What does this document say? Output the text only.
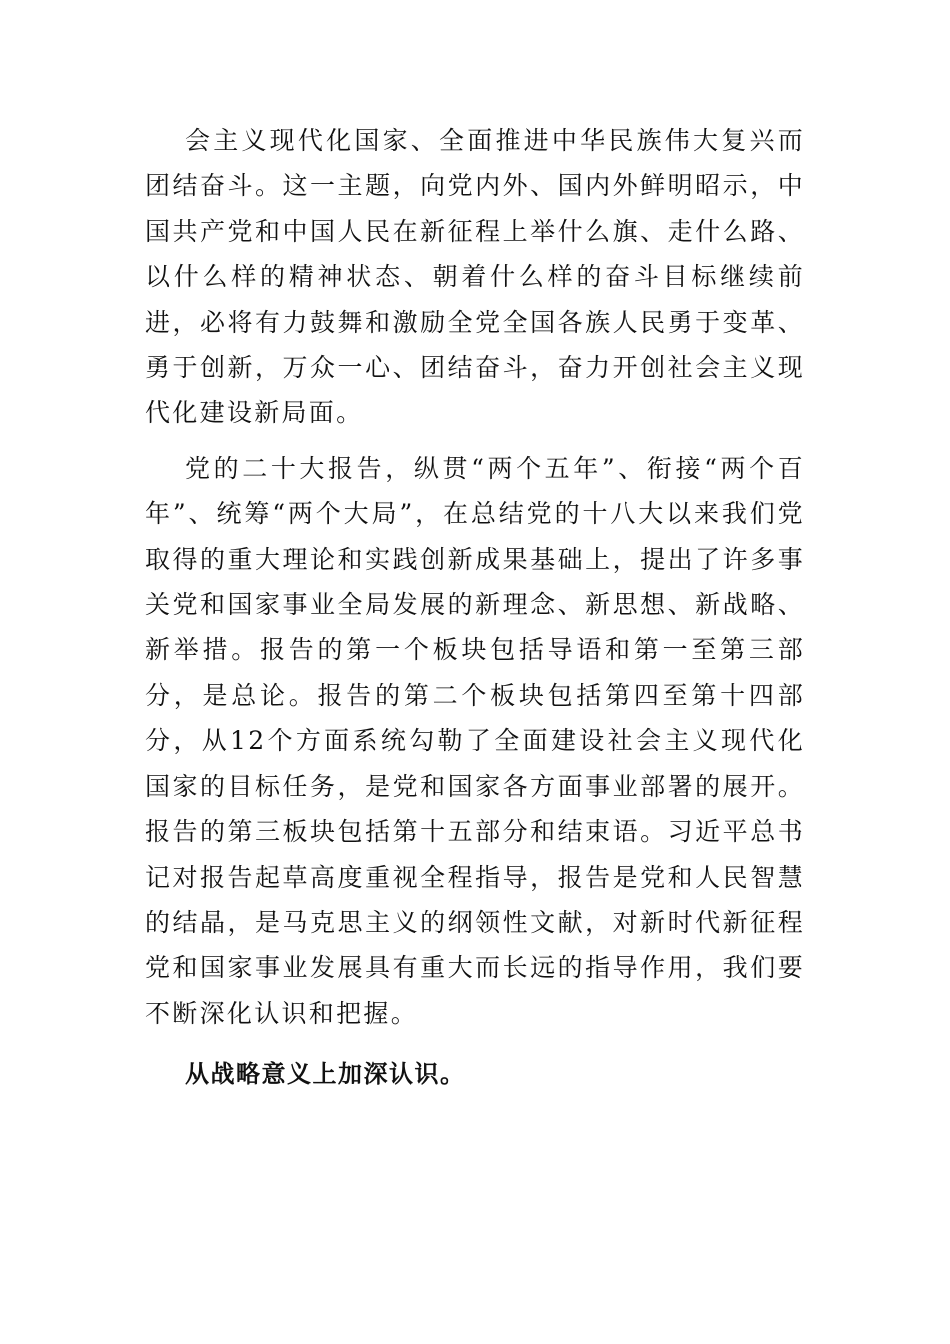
会主义现代化国家、全面推进中华民族伟大复兴而团结奋斗。这一主题，向党内外、国内外鲜明昭示，中国共产党和中国人民在新征程上举什么旗、走什么路、以什么样的精神状态、朝着什么样的奋斗目标继续前进，必将有力鼓舞和激励全党全国各族人民勇于变革、勇于创新，万众一心、团结奋斗，奋力开创社会主义现代化建设新局面。

党的二十大报告，纵贯“两个五年”、衔接“两个百年”、统筹“两个大局”，在总结党的十八大以来我们党取得的重大理论和实践创新成果基础上，提出了许多事关党和国家事业全局发展的新理念、新思想、新战略、新举措。报告的第一个板块包括导语和第一至第三部分，是总论。报告的第二个板块包括第四至第十四部分，从12个方面系统勾勒了全面建设社会主义现代化国家的目标任务，是党和国家各方面事业部署的展开。报告的第三板块包括第十五部分和结束语。习近平总书记对报告起草高度重视全程指导，报告是党和人民智慧的结晶，是马克思主义的纲领性文献，对新时代新征程党和国家事业发展具有重大而长远的指导作用，我们要不断深化认识和把握。

从战略意义上加深认识。
